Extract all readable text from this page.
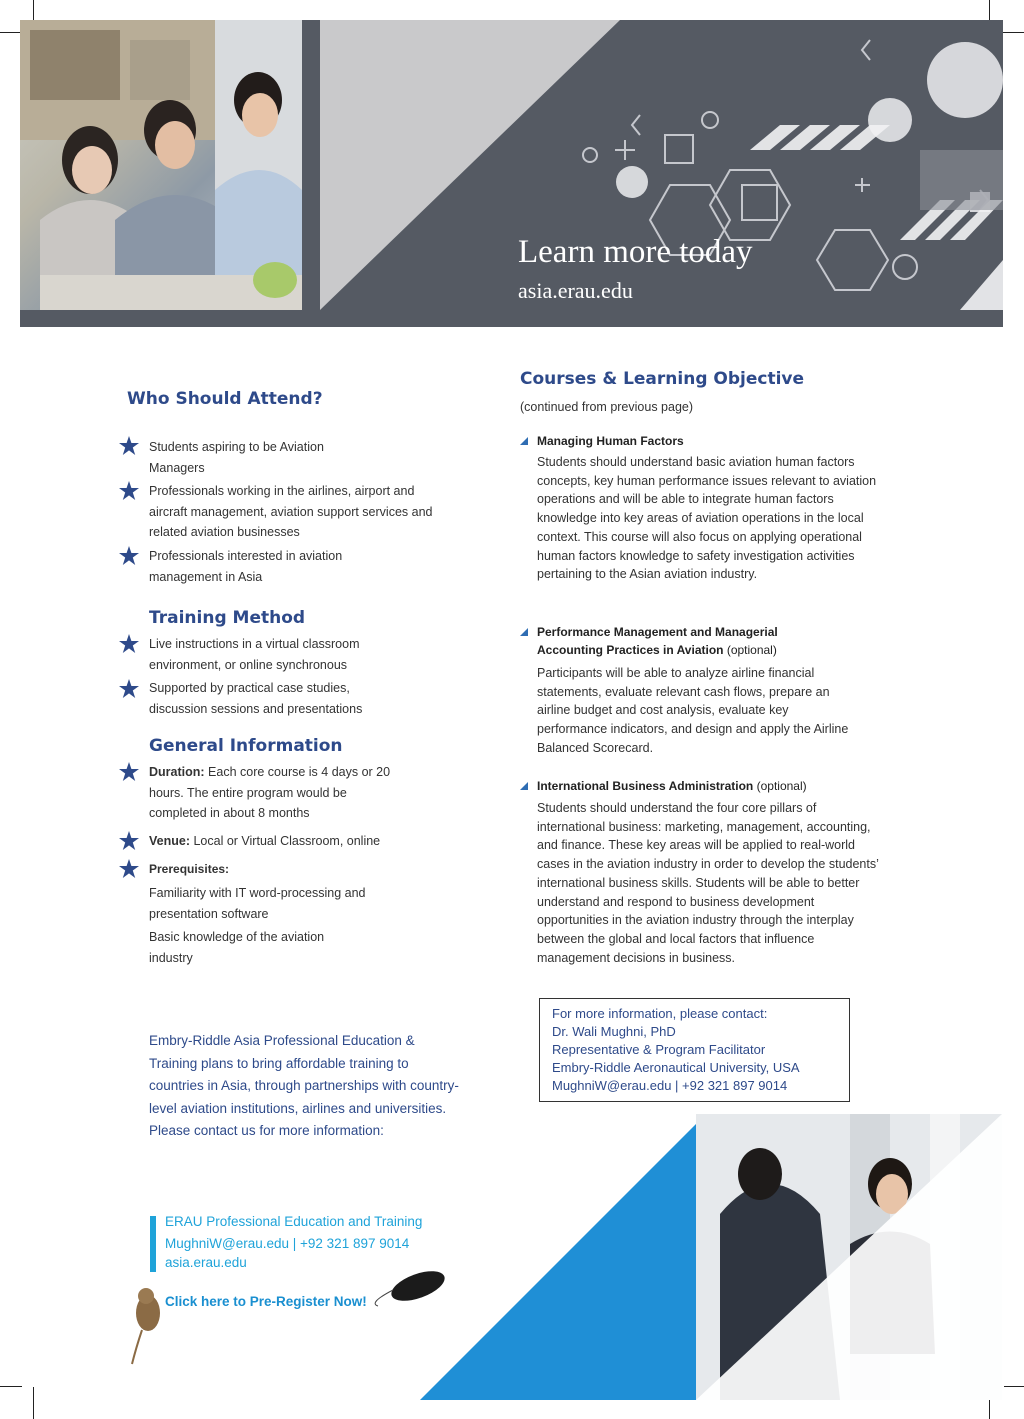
Learn more today
asia.erau.edu
Who Should Attend?
Students aspiring to be Aviation Managers
Professionals working in the airlines, airport and aircraft management, aviation support services and related aviation businesses
Professionals interested in aviation management in Asia
Training Method
Live instructions in a virtual classroom environment, or online synchronous
Supported by practical case studies, discussion sessions and presentations
General Information
Duration: Each core course is 4 days or 20 hours. The entire program would be completed in about 8 months
Venue: Local or Virtual Classroom, online
Prerequisites:
Familiarity with IT word-processing and presentation software
Basic knowledge of the aviation industry
Embry-Riddle Asia Professional Education & Training plans to bring affordable training to countries in Asia, through partnerships with country-level aviation institutions, airlines and universities. Please contact us for more information:
ERAU Professional Education and Training
MughniW@erau.edu | +92 321 897 9014
asia.erau.edu
Click here to Pre-Register Now!
Courses & Learning Objective
(continued from previous page)
Managing Human Factors
Students should understand basic aviation human factors concepts, key human performance issues relevant to aviation operations and will be able to integrate human factors knowledge into key areas of aviation operations in the local context. This course will also focus on applying operational human factors knowledge to safety investigation activities pertaining to the Asian aviation industry.
Performance Management and Managerial
Accounting Practices in Aviation (optional)
Participants will be able to analyze airline financial statements, evaluate relevant cash flows, prepare an airline budget and cost analysis, evaluate key performance indicators, and design and apply the Airline Balanced Scorecard.
International Business Administration (optional)
Students should understand the four core pillars of international business: marketing, management, accounting, and finance. These key areas will be applied to real-world cases in the aviation industry in order to develop the students’ international business skills. Students will be able to better understand and respond to business development opportunities in the aviation industry through the interplay between the global and local factors that influence management decisions in business.
For more information, please contact:
Dr. Wali Mughni, PhD
Representative & Program Facilitator
Embry-Riddle Aeronautical University, USA
MughniW@erau.edu | +92 321 897 9014
